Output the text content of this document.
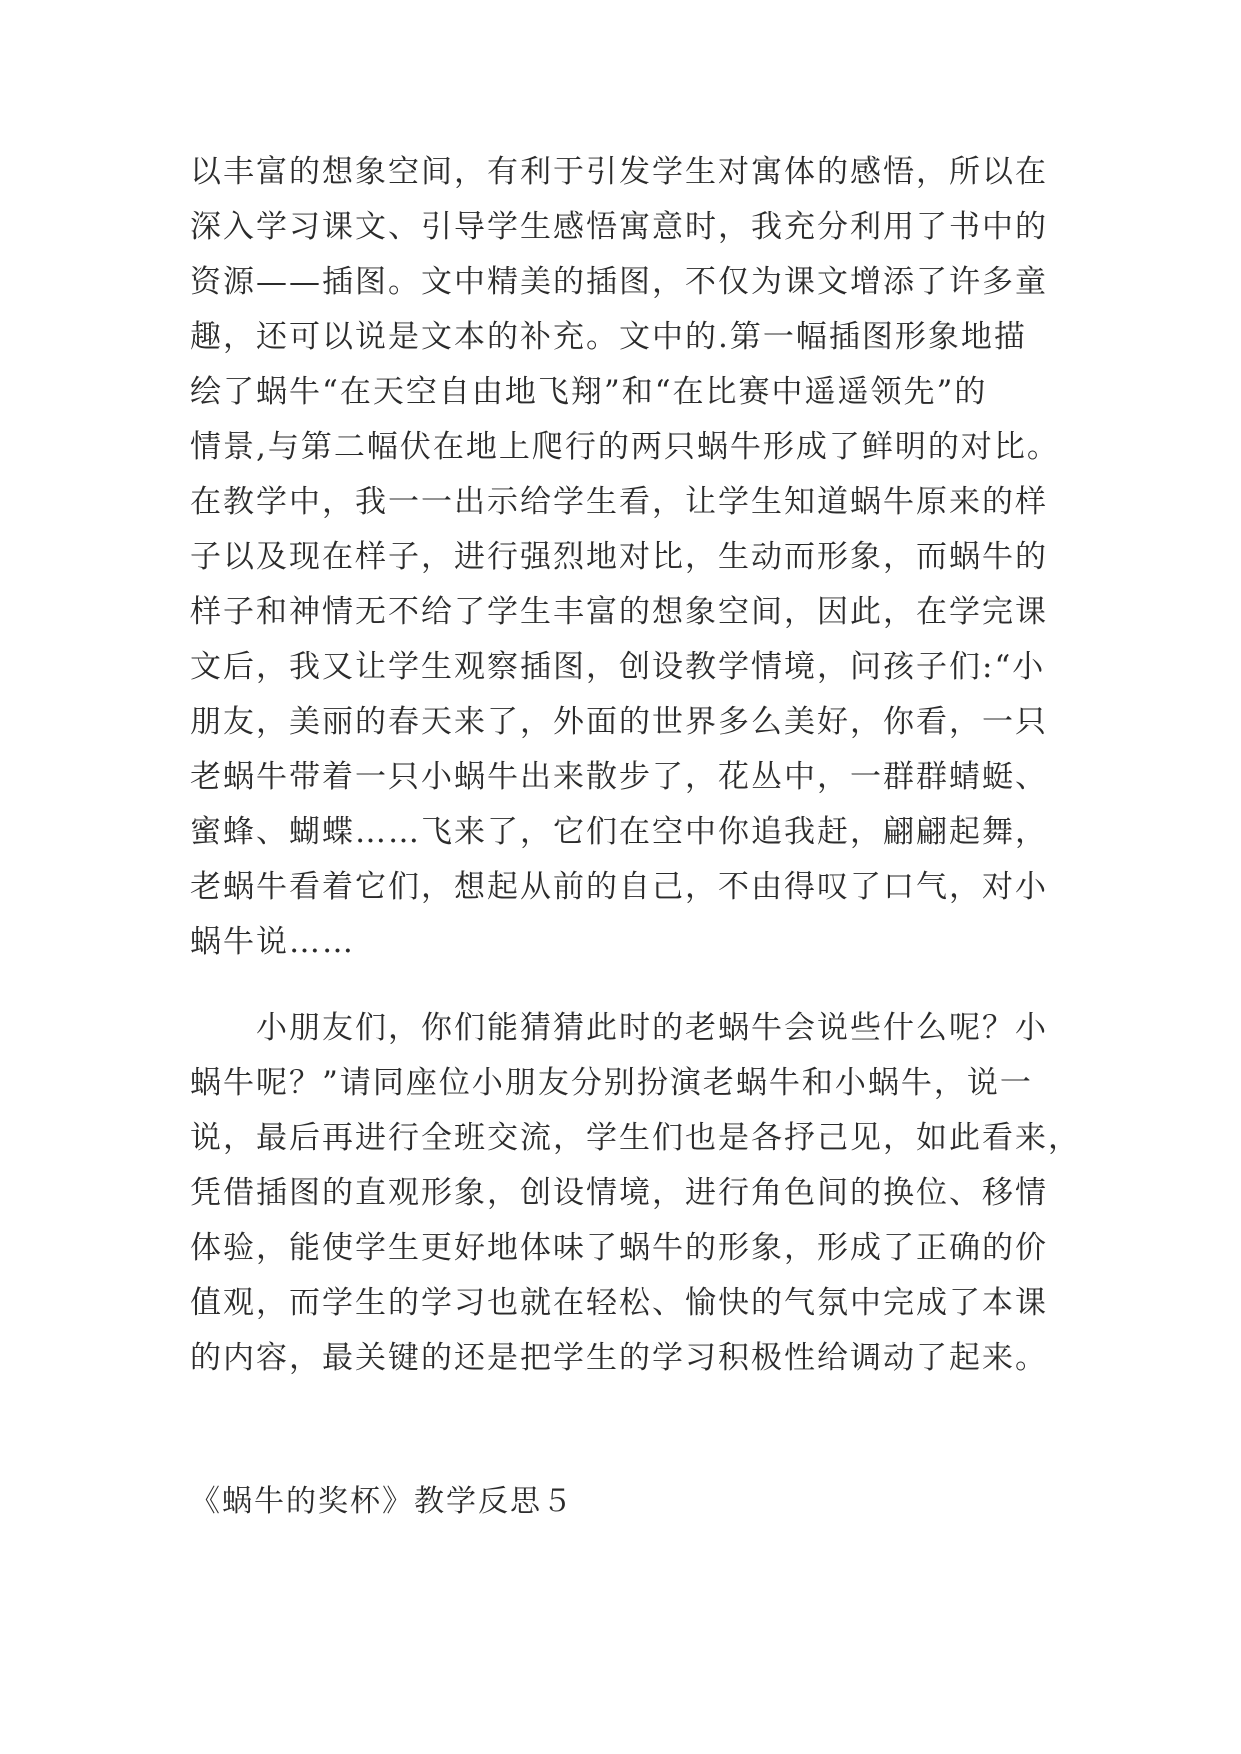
以丰富的想象空间，有利于引发学生对寓体的感悟，所以在
深入学习课文、引导学生感悟寓意时，我充分利用了书中的
资源——插图。文中精美的插图，不仅为课文增添了许多童
趣，还可以说是文本的补充。文中的.第一幅插图形象地描
绘了蜗牛“在天空自由地飞翔”和“在比赛中遥遥领先”的
情景,与第二幅伏在地上爬行的两只蜗牛形成了鲜明的对比。
在教学中，我一一出示给学生看，让学生知道蜗牛原来的样
子以及现在样子，进行强烈地对比，生动而形象，而蜗牛的
样子和神情无不给了学生丰富的想象空间，因此，在学完课
文后，我又让学生观察插图，创设教学情境，问孩子们:“小
朋友，美丽的春天来了，外面的世界多么美好，你看，一只
老蜗牛带着一只小蜗牛出来散步了，花丛中，一群群蜻蜓、
蜜蜂、蝴蝶……飞来了，它们在空中你追我赶，翩翩起舞，
老蜗牛看着它们，想起从前的自己，不由得叹了口气，对小
蜗牛说……
　　小朋友们，你们能猜猜此时的老蜗牛会说些什么呢？小
蜗牛呢？”请同座位小朋友分别扮演老蜗牛和小蜗牛，说一
说，最后再进行全班交流，学生们也是各抒己见，如此看来，
凭借插图的直观形象，创设情境，进行角色间的换位、移情
体验，能使学生更好地体味了蜗牛的形象，形成了正确的价
值观，而学生的学习也就在轻松、愉快的气氛中完成了本课
的内容，最关键的还是把学生的学习积极性给调动了起来。
《蜗牛的奖杯》教学反思５
